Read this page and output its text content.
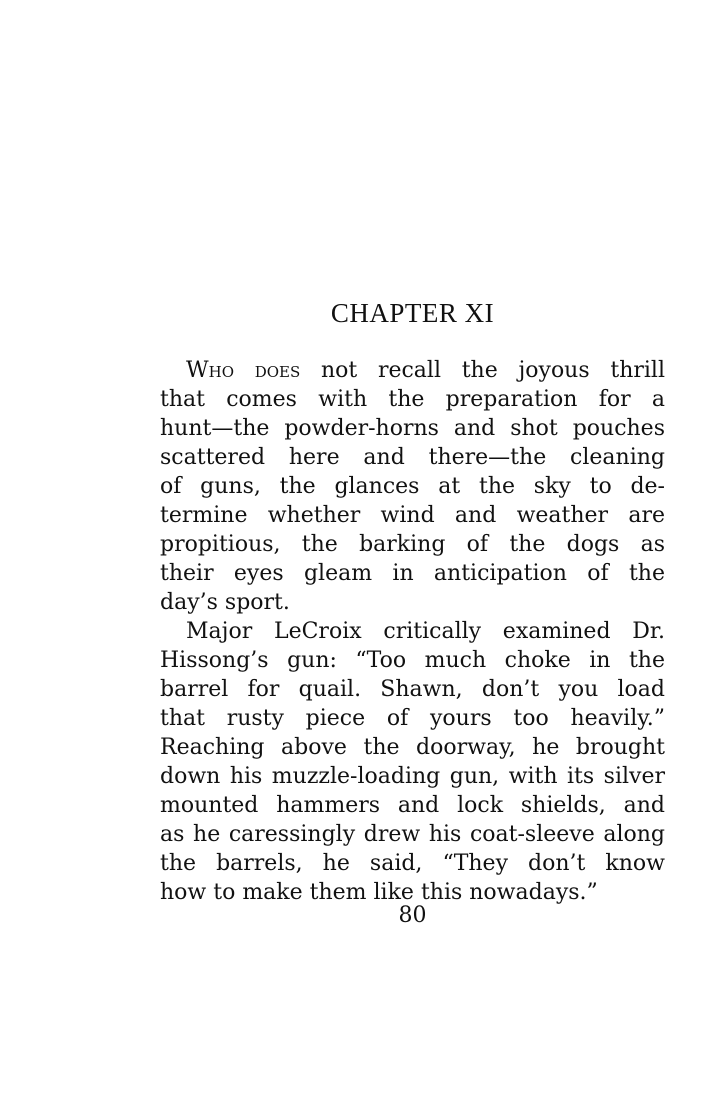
CHAPTER XI
Who does not recall the joyous thrill
that comes with the preparation for a
hunt—the powder-horns and shot pouches
scattered here and there—the cleaning
of guns, the glances at the sky to de-
termine whether wind and weather are
propitious, the barking of the dogs as
their eyes gleam in anticipation of the
day’s sport.
Major LeCroix critically examined Dr.
Hissong’s gun: “Too much choke in the
barrel for quail. Shawn, don’t you load
that rusty piece of yours too heavily.”
Reaching above the doorway, he brought
down his muzzle-loading gun, with its silver
mounted hammers and lock shields, and
as he caressingly drew his coat-sleeve along
the barrels, he said, “They don’t know
how to make them like this nowadays.”
80
